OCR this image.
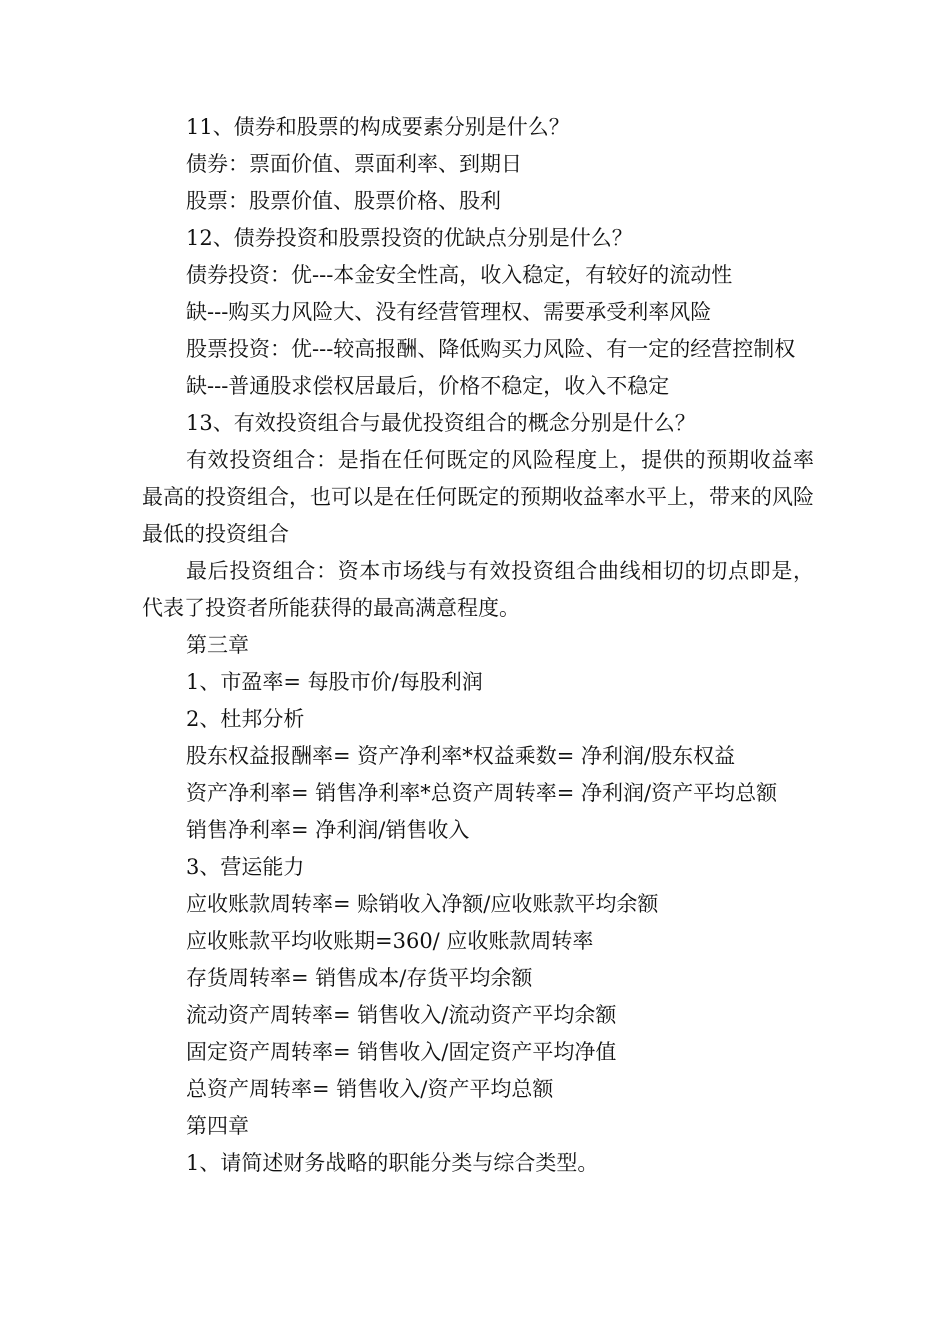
11、债券和股票的构成要素分别是什么？

债券：票面价值、票面利率、到期日

股票：股票价值、股票价格、股利

12、债券投资和股票投资的优缺点分别是什么？

债券投资：优---本金安全性高，收入稳定，有较好的流动性

缺---购买力风险大、没有经营管理权、需要承受利率风险

股票投资：优---较高报酬、降低购买力风险、有一定的经营控制权

缺---普通股求偿权居最后，价格不稳定，收入不稳定

13、有效投资组合与最优投资组合的概念分别是什么？

有效投资组合：是指在任何既定的风险程度上，提供的预期收益率最高的投资组合，也可以是在任何既定的预期收益率水平上，带来的风险最低的投资组合

最后投资组合：资本市场线与有效投资组合曲线相切的切点即是，代表了投资者所能获得的最高满意程度。

第三章

1、市盈率= 每股市价/每股利润

2、杜邦分析

股东权益报酬率= 资产净利率*权益乘数= 净利润/股东权益

资产净利率= 销售净利率*总资产周转率= 净利润/资产平均总额

销售净利率= 净利润/销售收入

3、营运能力

应收账款周转率= 赊销收入净额/应收账款平均余额

应收账款平均收账期=360/ 应收账款周转率

存货周转率= 销售成本/存货平均余额

流动资产周转率= 销售收入/流动资产平均余额

固定资产周转率= 销售收入/固定资产平均净值

总资产周转率= 销售收入/资产平均总额

第四章

1、请简述财务战略的职能分类与综合类型。
